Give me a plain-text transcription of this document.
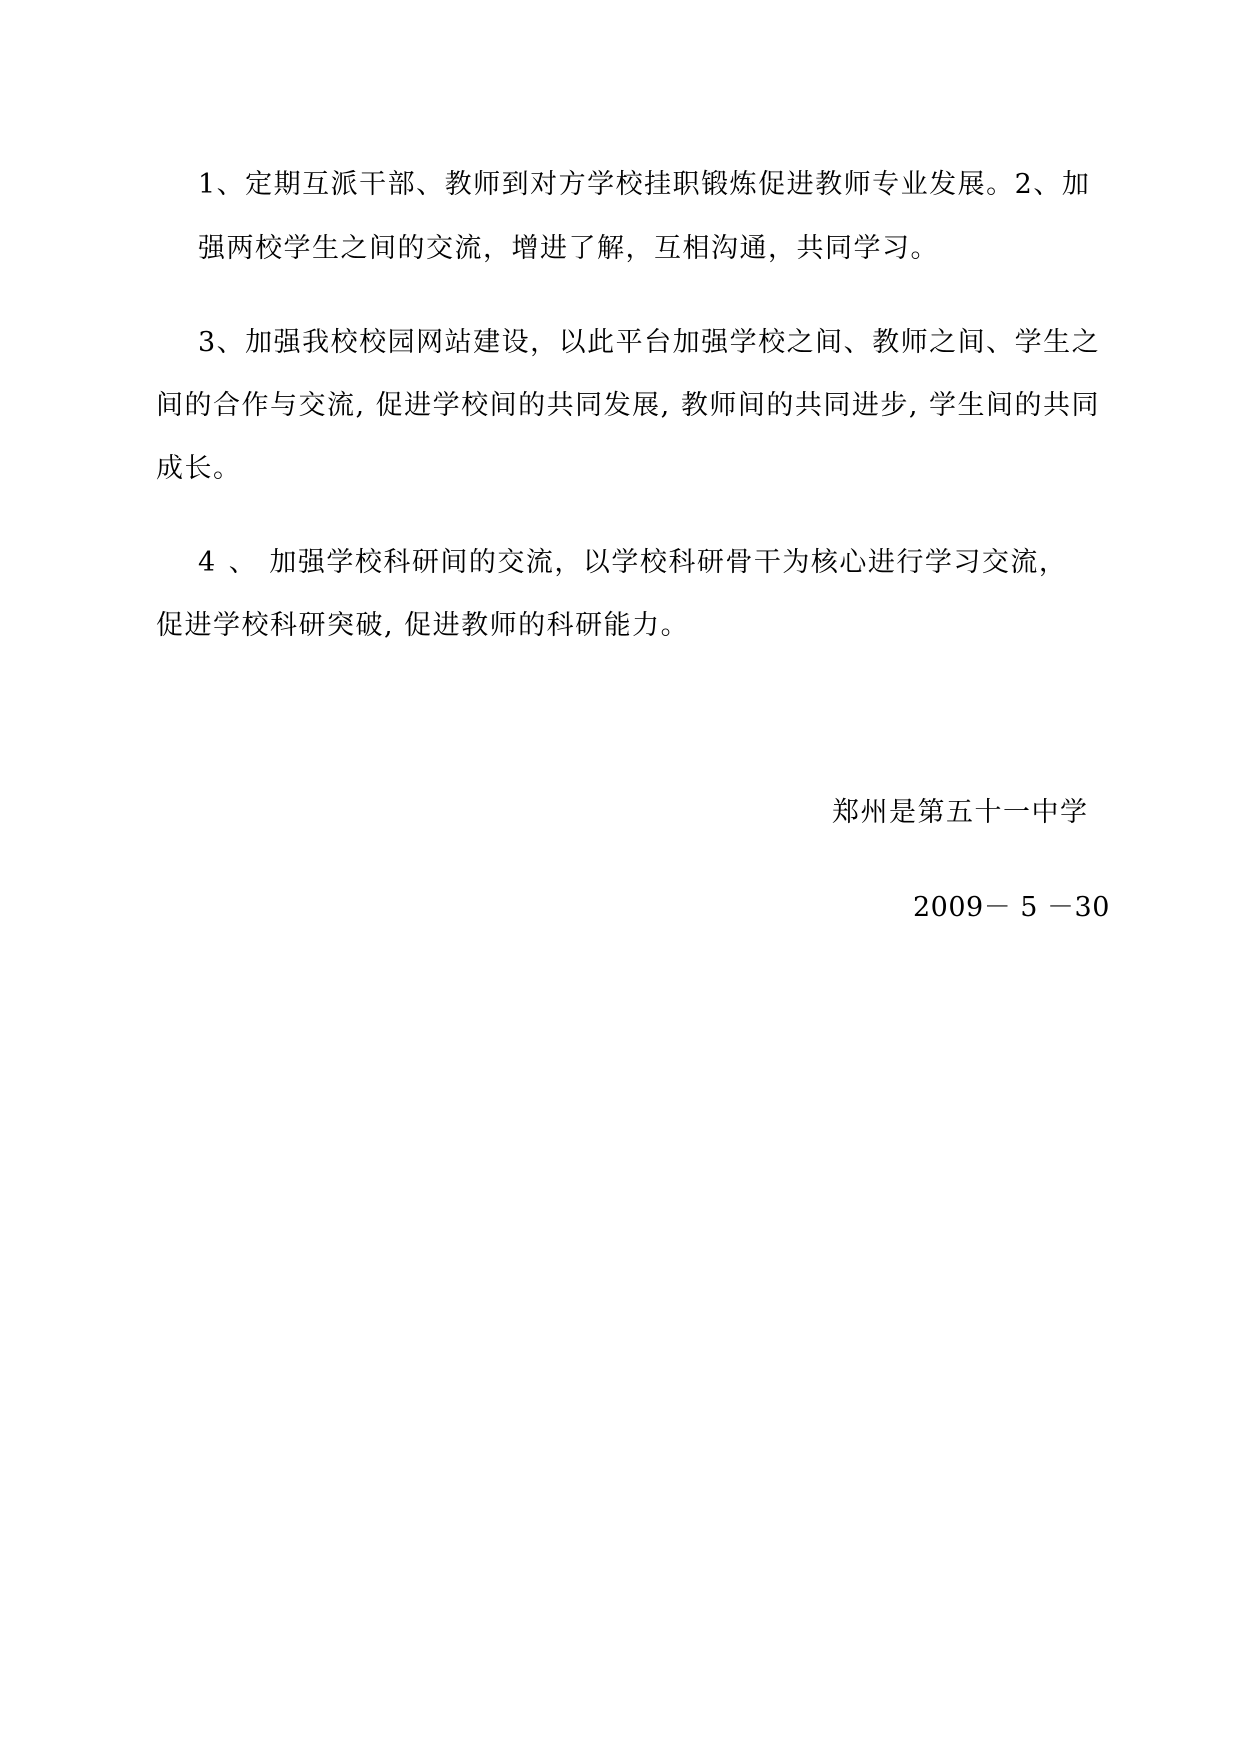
1、定期互派干部、教师到对方学校挂职锻炼促进教师专业发展。2、加
强两校学生之间的交流，增进了解，互相沟通，共同学习。
3、加强我校校园网站建设，以此平台加强学校之间、教师之间、学生之
间的合作与交流, 促进学校间的共同发展, 教师间的共同进步, 学生间的共同
成长。
4 、 加强学校科研间的交流，以学校科研骨干为核心进行学习交流，
促进学校科研突破, 促进教师的科研能力。
郑州是第五十一中学
2009－ 5 －30
